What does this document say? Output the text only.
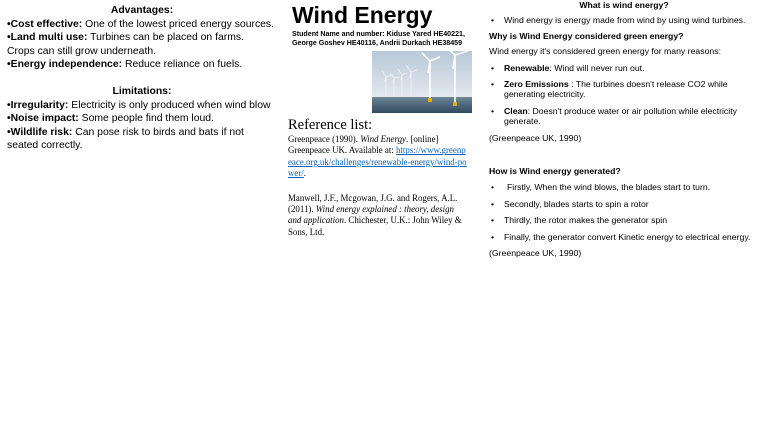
Advantages:
•Cost effective: One of the lowest priced energy sources.
•Land multi use: Turbines can be placed on farms.
Crops can still grow underneath.
•Energy independence: Reduce reliance on fuels.
Limitations:
•Irregularity: Electricity is only produced when wind blow
•Noise impact: Some people find them loud.
•Wildlife risk: Can pose risk to birds and bats if not seated correctly.
Wind Energy
Student Name and number: Kiduse Yared HE40221, George Goshev HE40116, Andrii Durkach HE38459
Reference list:
Greenpeace (1990). Wind Energy. [online] Greenpeace UK. Available at: https://www.greenpeace.org.uk/challenges/renewable-energy/wind-power/.
Manwell, J.F., Mcgowan, J.G. and Rogers, A.L. (2011). Wind energy explained : theory, design and application. Chichester, U.K.: John Wiley & Sons, Ltd.
What is wind energy?
• Wind energy is energy made from wind by using wind turbines.
Why is Wind Energy considered green energy?

Wind energy it's considered green energy for many reasons:

• Renewable: Wind will never run out.
• Zero Emissions : The turbines doesn't release CO2 while generating electricity.
• Clean: Doesn't produce water or air pollution while electricity generate.
(Greenpeace UK, 1990)
How is Wind energy generated?
• Firstly, When the wind blows, the blades start to turn.
• Secondly, blades starts to spin a rotor
• Thirdly, the rotor makes the generator spin
• Finally, the generator convert Kinetic energy to electrical energy.
(Greenpeace UK, 1990)
